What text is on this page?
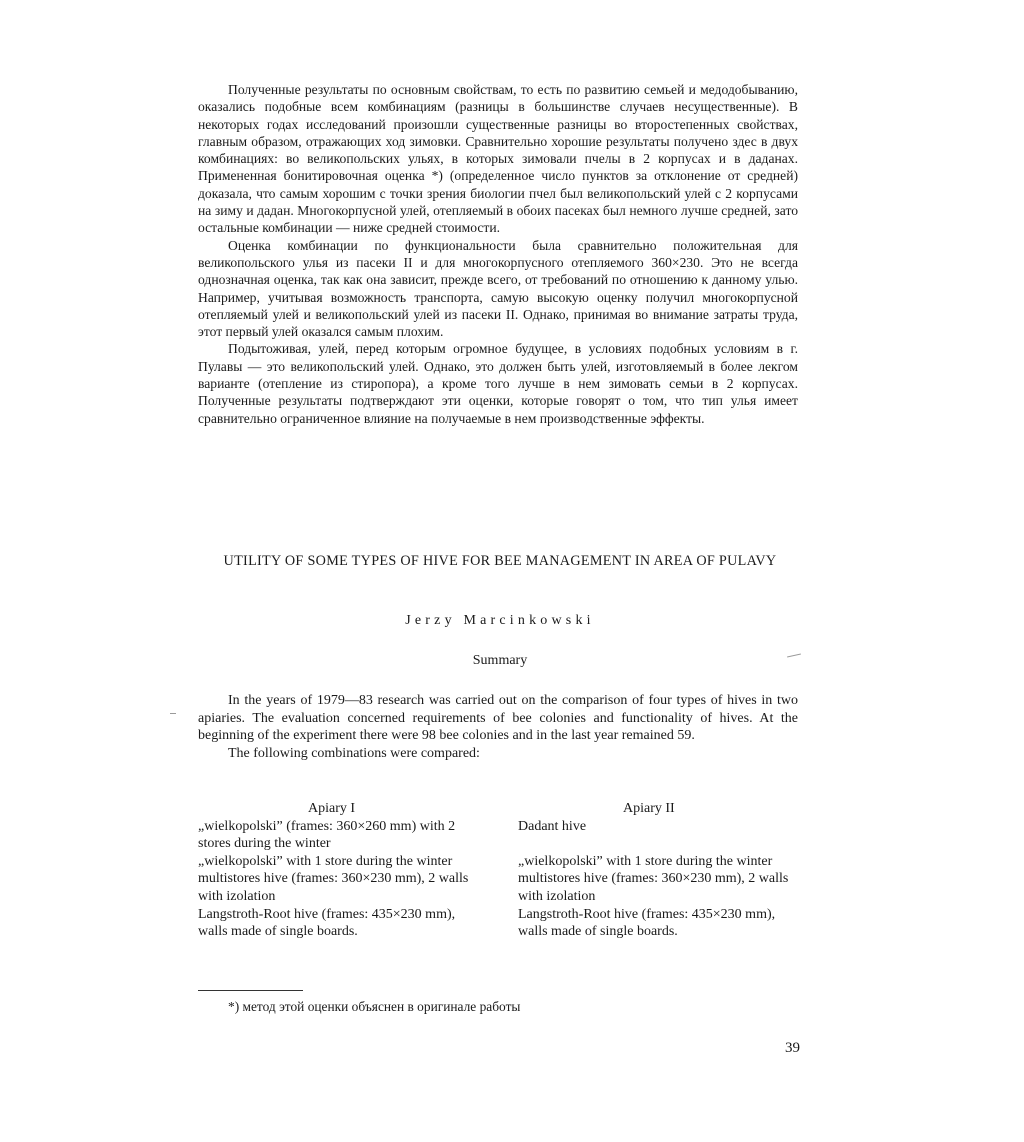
Полученные результаты по основным свойствам, то есть по развитию семьей и медодобыванию, оказались подобные всем комбинациям (разницы в большинстве случаев несущественные). В некоторых годах исследований произошли существенные разницы во второстепенных свойствах, главным образом, отражающих ход зимовки. Сравнительно хорошие результаты получено здес в двух комбинациях: во великопольских ульях, в которых зимовали пчелы в 2 корпусах и в даданах. Примененная бонитировочная оценка *) (определенное число пунктов за отклонение от средней) доказала, что самым хорошим с точки зрения биологии пчел был великопольский улей с 2 корпусами на зиму и дадан. Многокорпусной улей, отепляемый в обоих пасеках был немного лучше средней, зато остальные комбинации — ниже средней стоимости.

Оценка комбинации по функциональности была сравнительно положительная для великопольского улья из пасеки II и для многокорпусного отепляемого 360×230. Это не всегда однозначная оценка, так как она зависит, прежде всего, от требований по отношению к данному улью. Например, учитывая возможность транспорта, самую высокую оценку получил многокорпусной отепляемый улей и великопольский улей из пасеки II. Однако, принимая во внимание затраты труда, этот первый улей оказался самым плохим.

Подытоживая, улей, перед которым огромное будущее, в условиях подобных условиям в г. Пулавы — это великопольский улей. Однако, это должен быть улей, изготовляемый в более лекгом варианте (отепление из стиропора), а кроме того лучше в нем зимовать семьи в 2 корпусах. Полученные результаты подтверждают эти оценки, которые говорят о том, что тип улья имеет сравнительно ограниченное влияние на получаемые в нем производственные эффекты.

UTILITY OF SOME TYPES OF HIVE FOR BEE MANAGEMENT IN AREA OF PULAVY
Jerzy Marcinkowski
Summary

In the years of 1979—83 research was carried out on the comparison of four types of hives in two apiaries. The evaluation concerned requirements of bee colonies and functionality of hives. At the beginning of the experiment there were 98 bee colonies and in the last year remained 59.

The following combinations were compared:

Apiary I
„wielkopolski” (frames: 360×260 mm) with 2 stores during the winter
„wielkopolski” with 1 store during the winter
multistores hive (frames: 360×230 mm), 2 walls with izolation
Langstroth-Root hive (frames: 435×230 mm), walls made of single boards.
Apiary II
Dadant hive
„wielkopolski” with 1 store during the winter
multistores hive (frames: 360×230 mm), 2 walls with izolation
Langstroth-Root hive (frames: 435×230 mm), walls made of single boards.
*) метод этой оценки объяснен в оригинале работы
39
